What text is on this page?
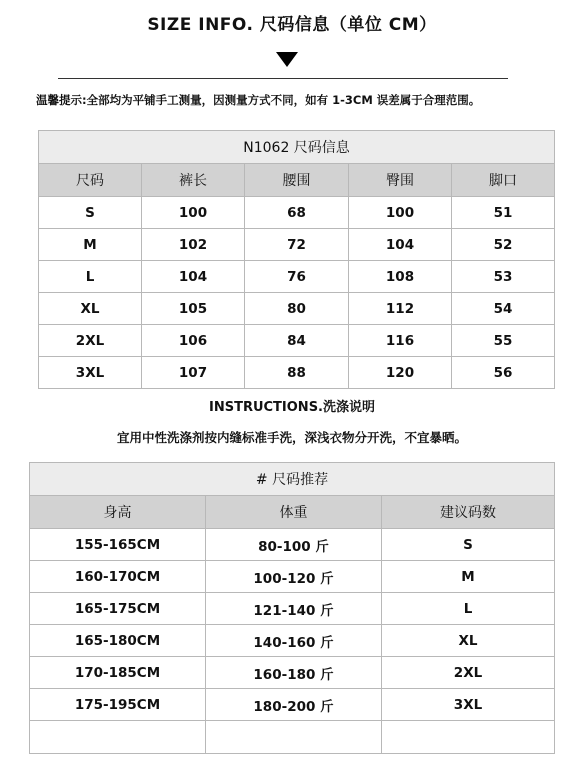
SIZE INFO. 尺码信息（单位 CM）
温馨提示:全部均为平铺手工测量，因测量方式不同，如有 1-3CM 误差属于合理范围。
N1062 尺码信息				
尺码	裤长	腰围	臀围	脚口
S	100	68	100	51
M	102	72	104	52
L	104	76	108	53
XL	105	80	112	54
2XL	106	84	116	55
3XL	107	88	120	56
INSTRUCTIONS.洗涤说明
宜用中性洗涤剂按内缝标准手洗，深浅衣物分开洗，不宜暴晒。
# 尺码推荐		
身高	体重	建议码数
155-165CM	80-100 斤	S
160-170CM	100-120 斤	M
165-175CM	121-140 斤	L
165-180CM	140-160 斤	XL
170-185CM	160-180 斤	2XL
175-195CM	180-200 斤	3XL
